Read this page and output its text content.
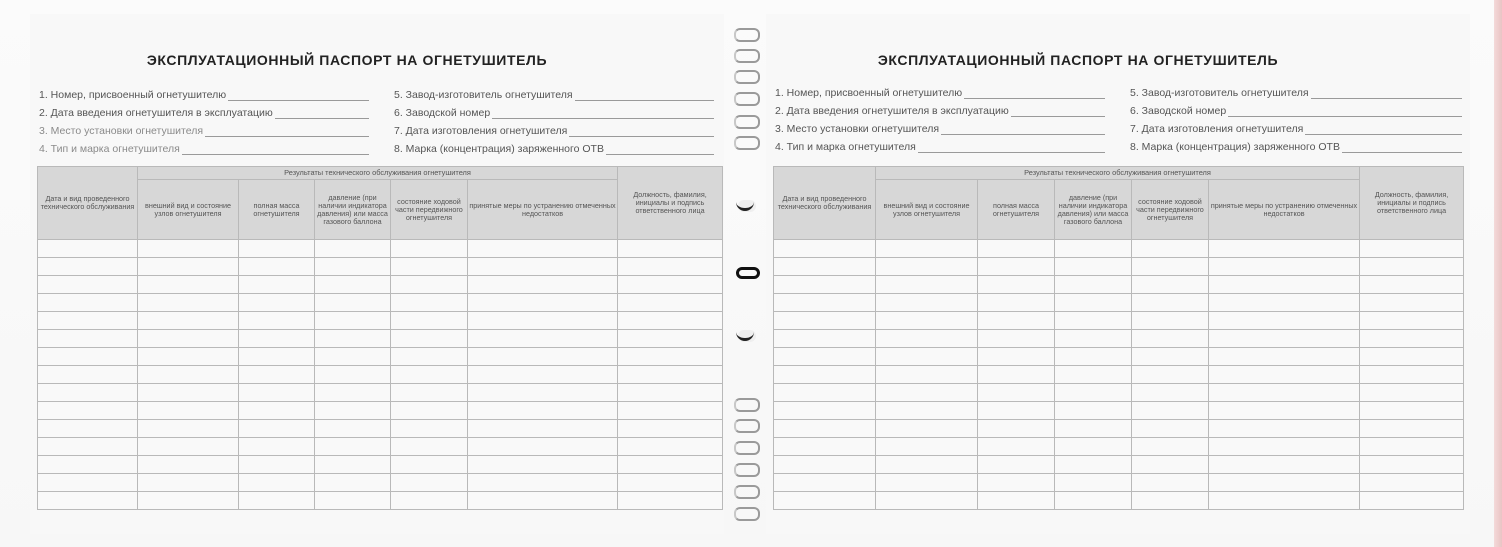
ЭКСПЛУАТАЦИОННЫЙ ПАСПОРТ НА ОГНЕТУШИТЕЛЬ
1. Номер, присвоенный огнетушителю
2. Дата введения огнетушителя в эксплуатацию
3. Место установки огнетушителя
4. Тип и марка огнетушителя
5. Завод-изготовитель огнетушителя
6. Заводской номер
7. Дата изготовления огнетушителя
8. Марка (концентрация) заряженного ОТВ
Дата и вид проведенного технического обслуживания	Результаты технического обслуживания огнетушителя					Должность, фамилия, инициалы и подпись ответственного лица
	внешний вид и состояние узлов огнетушителя	полная масса огнетушителя	давление (при наличии индикатора давления) или масса газового баллона	состояние ходовой части передвижного огнетушителя	принятые меры по устранению отмеченных недостатков	

ЭКСПЛУАТАЦИОННЫЙ ПАСПОРТ НА ОГНЕТУШИТЕЛЬ
1. Номер, присвоенный огнетушителю
2. Дата введения огнетушителя в эксплуатацию
3. Место установки огнетушителя
4. Тип и марка огнетушителя
5. Завод-изготовитель огнетушителя
6. Заводской номер
7. Дата изготовления огнетушителя
8. Марка (концентрация) заряженного ОТВ
Дата и вид проведенного технического обслуживания	Результаты технического обслуживания огнетушителя					Должность, фамилия, инициалы и подпись ответственного лица
	внешний вид и состояние узлов огнетушителя	полная масса огнетушителя	давление (при наличии индикатора давления) или масса газового баллона	состояние ходовой части передвижного огнетушителя	принятые меры по устранению отмеченных недостатков	
